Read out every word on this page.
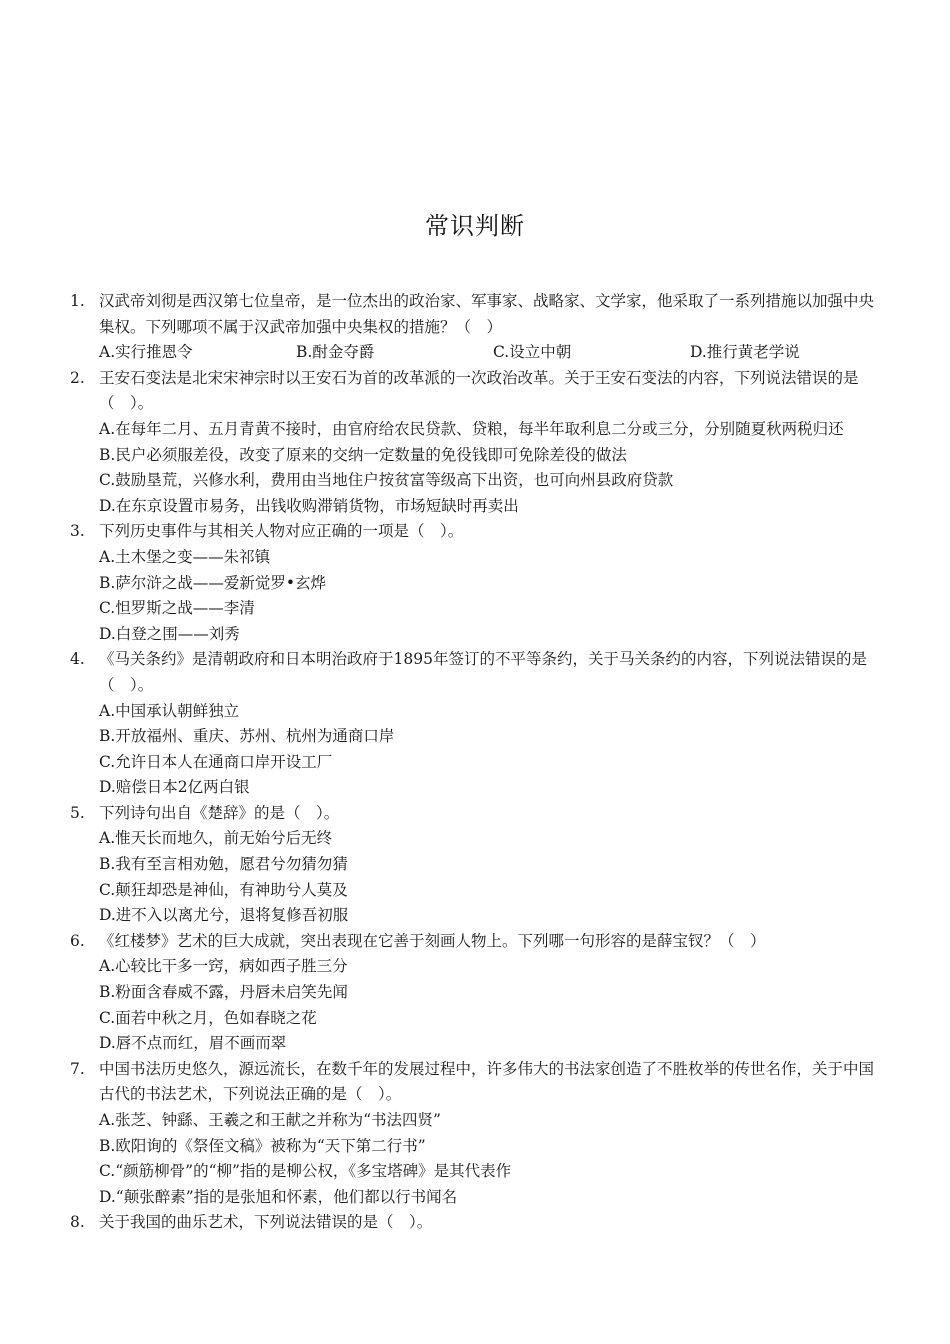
常识判断
1. 汉武帝刘彻是西汉第七位皇帝，是一位杰出的政治家、军事家、战略家、文学家，他采取了一系列措施以加强中央集权。下列哪项不属于汉武帝加强中央集权的措施？（　）
A.实行推恩令	B.酎金夺爵	C.设立中朝	D.推行黄老学说
2. 王安石变法是北宋宋神宗时以王安石为首的改革派的一次政治改革。关于王安石变法的内容，下列说法错误的是（　）。
A.在每年二月、五月青黄不接时，由官府给农民贷款、贷粮，每半年取利息二分或三分，分别随夏秋两税归还
B.民户必须服差役，改变了原来的交纳一定数量的免役钱即可免除差役的做法
C.鼓励垦荒，兴修水利，费用由当地住户按贫富等级高下出资，也可向州县政府贷款
D.在东京设置市易务，出钱收购滞销货物，市场短缺时再卖出
3. 下列历史事件与其相关人物对应正确的一项是（　）。
A.土木堡之变——朱祁镇
B.萨尔浒之战——爱新觉罗•玄烨
C.怛罗斯之战——李清
D.白登之围——刘秀
4. 《马关条约》是清朝政府和日本明治政府于1895年签订的不平等条约，关于马关条约的内容，下列说法错误的是（　）。
A.中国承认朝鲜独立
B.开放福州、重庆、苏州、杭州为通商口岸
C.允许日本人在通商口岸开设工厂
D.赔偿日本2亿两白银
5. 下列诗句出自《楚辞》的是（　）。
A.惟天长而地久，前无始兮后无终
B.我有至言相劝勉，愿君兮勿猜勿猜
C.颠狂却恐是神仙，有神助兮人莫及
D.进不入以离尤兮，退将复修吾初服
6. 《红楼梦》艺术的巨大成就，突出表现在它善于刻画人物上。下列哪一句形容的是薛宝钗？（　）
A.心较比干多一窍，病如西子胜三分
B.粉面含春威不露，丹唇未启笑先闻
C.面若中秋之月，色如春晓之花
D.唇不点而红，眉不画而翠
7. 中国书法历史悠久，源远流长，在数千年的发展过程中，许多伟大的书法家创造了不胜枚举的传世名作，关于中国古代的书法艺术，下列说法正确的是（　）。
A.张芝、钟繇、王羲之和王献之并称为“书法四贤”
B.欧阳询的《祭侄文稿》被称为“天下第二行书”
C.“颜筋柳骨”的“柳”指的是柳公权，《多宝塔碑》是其代表作
D.“颠张醉素”指的是张旭和怀素，他们都以行书闻名
8. 关于我国的曲乐艺术，下列说法错误的是（　）。
